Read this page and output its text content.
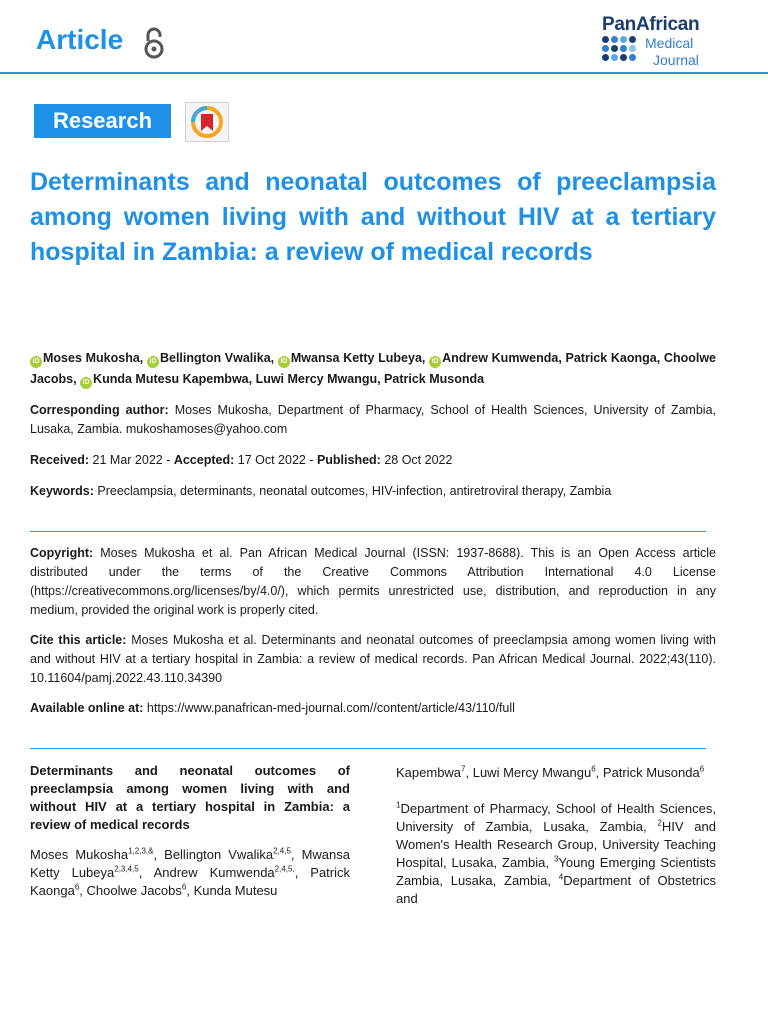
Article	PanAfrican
Medical
Journal
Research
Determinants and neonatal outcomes of preeclampsia among women living with and without HIV at a tertiary hospital in Zambia: a review of medical records
iD Moses Mukosha, iD Bellington Vwalika, iD Mwansa Ketty Lubeya, iD Andrew Kumwenda, Patrick Kaonga, Choolwe Jacobs, iD Kunda Mutesu Kapembwa, Luwi Mercy Mwangu, Patrick Musonda
Corresponding author: Moses Mukosha, Department of Pharmacy, School of Health Sciences, University of Zambia, Lusaka, Zambia. mukoshamoses@yahoo.com
Received: 21 Mar 2022 - Accepted: 17 Oct 2022 - Published: 28 Oct 2022
Keywords: Preeclampsia, determinants, neonatal outcomes, HIV-infection, antiretroviral therapy, Zambia
Copyright: Moses Mukosha et al. Pan African Medical Journal (ISSN: 1937-8688). This is an Open Access article distributed under the terms of the Creative Commons Attribution International 4.0 License (https://creativecommons.org/licenses/by/4.0/), which permits unrestricted use, distribution, and reproduction in any medium, provided the original work is properly cited.
Cite this article: Moses Mukosha et al. Determinants and neonatal outcomes of preeclampsia among women living with and without HIV at a tertiary hospital in Zambia: a review of medical records. Pan African Medical Journal. 2022;43(110). 10.11604/pamj.2022.43.110.34390
Available online at: https://www.panafrican-med-journal.com//content/article/43/110/full

Determinants and neonatal outcomes of preeclampsia among women living with and without HIV at a tertiary hospital in Zambia: a review of medical records

Moses Mukosha$^{1,2,3,\&}$, Bellington Vwalika$^{2,4,5}$, Mwansa Ketty Lubeya$^{2,3,4,5}$, Andrew Kumwenda$^{2,4,5,}$, Patrick Kaonga$^6$, Choolwe Jacobs$^6$, Kunda Mutesu

Kapembwa$^7$, Luwi Mercy Mwangu$^6$, Patrick Musonda$^6$

$^1$Department of Pharmacy, School of Health Sciences, University of Zambia, Lusaka, Zambia, $^2$HIV and Women's Health Research Group, University Teaching Hospital, Lusaka, Zambia, $^3$Young Emerging Scientists Zambia, Lusaka, Zambia, $^4$Department of Obstetrics and
